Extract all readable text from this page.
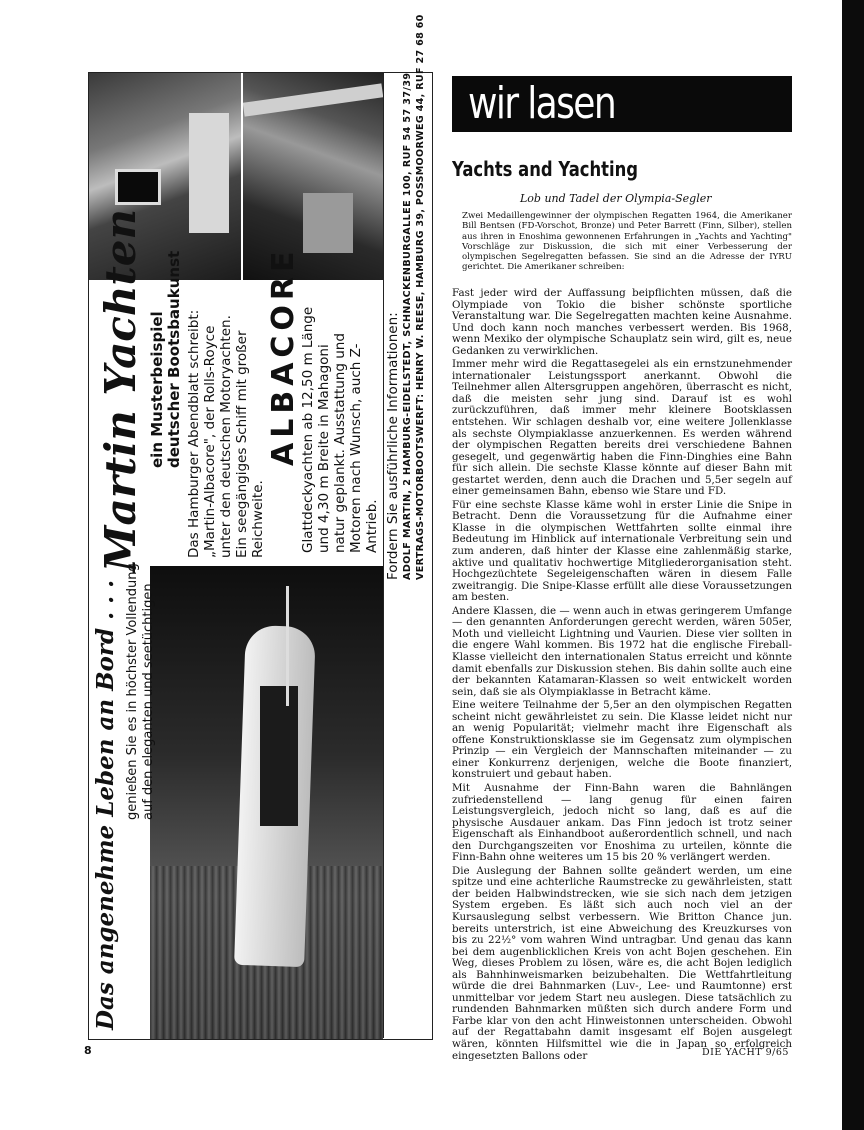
Das angenehme Leben an Bord . . . genießen Sie es in höchster Vollendung auf den eleganten und seetüchtigen
Martin Yachten ein Musterbeispiel deutscher Bootsbaukunst Das Hamburger Abendblatt schreibt: „Martin-Albacore", der Rolls-Royce unter den deutschen Motoryachten. Ein seegängiges Schiff mit großer Reichweite.
ALBACORE Glattdeckyachten ab 12,50 m Länge und 4,30 m Breite in Mahagoni natur geplankt. Ausstattung und Motoren nach Wunsch, auch Z- Antrieb. Fordern Sie ausführliche Informationen: ADOLF MARTIN, 2 HAMBURG-EIDELSTEDT, SCHNACKENBURGALLEE 100, RUF 54 57 37/39 VERTRAGS-MOTORBOOTSWERFT: HENRY W. REESE, HAMBURG 39, POSSMOORWEG 44, RUF 27 68 60 wir lasen
Yachts and Yachting
Lob und Tadel der Olympia-Segler
Zwei Medaillengewinner der olympischen Regatten 1964, die Amerikaner Bill Bentsen (FD-Vorschot, Bronze) und Peter Barrett (Finn, Silber), stellen aus ihren in Enoshima gewonnenen Erfahrungen in „Yachts and Yachting" Vorschläge zur Diskussion, die sich mit einer Verbesserung der olympischen Segelregatten befassen. Sie sind an die Adresse der IYRU gerichtet. Die Amerikaner schreiben:

Fast jeder wird der Auffassung beipflichten müssen, daß die Olympiade von Tokio die bisher schönste sportliche Veranstaltung war. Die Segelregatten machten keine Ausnahme. Und doch kann noch manches verbessert werden. Bis 1968, wenn Mexiko der olympische Schauplatz sein wird, gilt es, neue Gedanken zu verwirklichen.

Immer mehr wird die Regattasegelei als ein ernstzunehmender internationaler Leistungssport anerkannt. Obwohl die Teilnehmer allen Altersgruppen angehören, überrascht es nicht, daß die meisten sehr jung sind. Darauf ist es wohl zurückzuführen, daß immer mehr kleinere Bootsklassen entstehen. Wir schlagen deshalb vor, eine weitere Jollenklasse als sechste Olympiaklasse anzuerkennen. Es werden während der olympischen Regatten bereits drei verschiedene Bahnen gesegelt, und gegenwärtig haben die Finn-Dinghies eine Bahn für sich allein. Die sechste Klasse könnte auf dieser Bahn mit gestartet werden, denn auch die Drachen und 5,5er segeln auf einer gemeinsamen Bahn, ebenso wie Stare und FD.

Für eine sechste Klasse käme wohl in erster Linie die Snipe in Betracht. Denn die Voraussetzung für die Aufnahme einer Klasse in die olympischen Wettfahrten sollte einmal ihre Bedeutung im Hinblick auf internationale Verbreitung sein und zum anderen, daß hinter der Klasse eine zahlenmäßig starke, aktive und qualitativ hochwertige Mitgliederorganisation steht. Hochgezüchtete Segeleigenschaften wären in diesem Falle zweitrangig. Die Snipe-Klasse erfüllt alle diese Voraussetzungen am besten.

Andere Klassen, die — wenn auch in etwas geringerem Umfange — den genannten Anforderungen gerecht werden, wären 505er, Moth und vielleicht Lightning und Vaurien. Diese vier sollten in die engere Wahl kommen. Bis 1972 hat die englische Fireball-Klasse vielleicht den internationalen Status erreicht und könnte damit ebenfalls zur Diskussion stehen. Bis dahin sollte auch eine der bekannten Katamaran-Klassen so weit entwickelt worden sein, daß sie als Olympiaklasse in Betracht käme.

Eine weitere Teilnahme der 5,5er an den olympischen Regatten scheint nicht gewährleistet zu sein. Die Klasse leidet nicht nur an wenig Popularität; vielmehr macht ihre Eigenschaft als offene Konstruktionsklasse sie im Gegensatz zum olympischen Prinzip — ein Vergleich der Mannschaften miteinander — zu einer Konkurrenz derjenigen, welche die Boote finanziert, konstruiert und gebaut haben.

Mit Ausnahme der Finn-Bahn waren die Bahnlängen zufriedenstellend — lang genug für einen fairen Leistungsvergleich, jedoch nicht so lang, daß es auf die physische Ausdauer ankam. Das Finn jedoch ist trotz seiner Eigenschaft als Einhandboot außerordentlich schnell, und nach den Durchgangszeiten vor Enoshima zu urteilen, könnte die Finn-Bahn ohne weiteres um 15 bis 20 % verlängert werden.

Die Auslegung der Bahnen sollte geändert werden, um eine spitze und eine achterliche Raumstrecke zu gewährleisten, statt der beiden Halbwindstrecken, wie sie sich nach dem jetzigen System ergeben. Es läßt sich auch noch viel an der Kursauslegung selbst verbessern. Wie Britton Chance jun. bereits unterstrich, ist eine Abweichung des Kreuzkurses von bis zu 22½° vom wahren Wind untragbar. Und genau das kann bei dem augenblicklichen Kreis von acht Bojen geschehen. Ein Weg, dieses Problem zu lösen, wäre es, die acht Bojen lediglich als Bahnhinweismarken beizubehalten. Die Wettfahrtleitung würde die drei Bahnmarken (Luv-, Lee- und Raumtonne) erst unmittelbar vor jedem Start neu auslegen. Diese tatsächlich zu rundenden Bahnmarken müßten sich durch andere Form und Farbe klar von den acht Hinweistonnen unterscheiden. Obwohl auf der Regattabahn damit insgesamt elf Bojen ausgelegt wären, könnten Hilfsmittel wie die in Japan so erfolgreich eingesetzten Ballons oder

8	DIE YACHT 9/65
